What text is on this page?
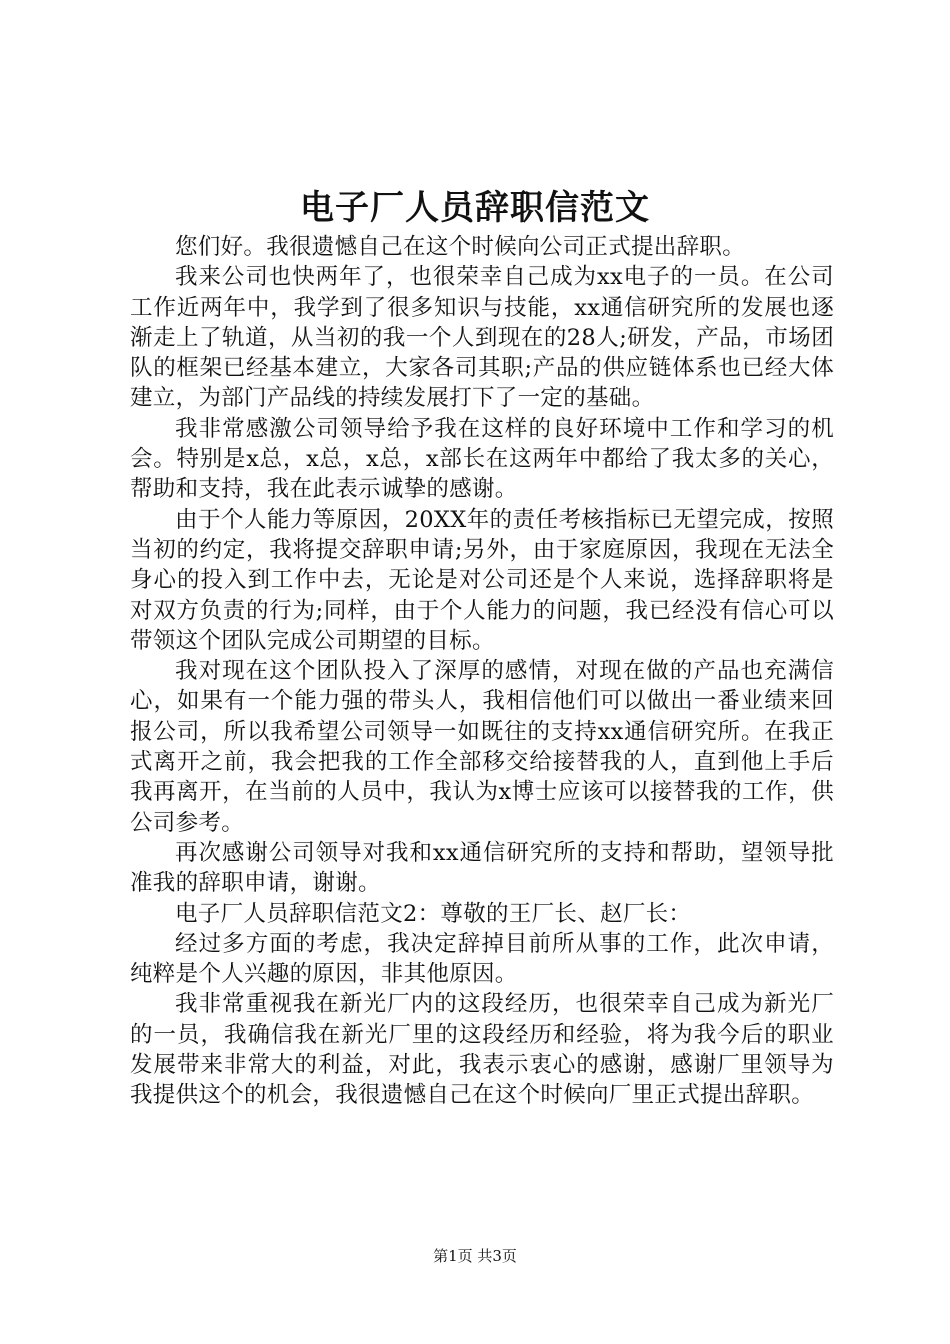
电子厂人员辞职信范文

您们好。我很遗憾自己在这个时候向公司正式提出辞职。

我来公司也快两年了，也很荣幸自己成为xx电子的一员。在公司工作近两年中，我学到了很多知识与技能，xx通信研究所的发展也逐渐走上了轨道，从当初的我一个人到现在的28人;研发，产品，市场团队的框架已经基本建立，大家各司其职;产品的供应链体系也已经大体建立，为部门产品线的持续发展打下了一定的基础。

我非常感激公司领导给予我在这样的良好环境中工作和学习的机会。特别是x总，x总，x总，x部长在这两年中都给了我太多的关心，帮助和支持，我在此表示诚挚的感谢。

由于个人能力等原因，20XX年的责任考核指标已无望完成，按照当初的约定，我将提交辞职申请;另外，由于家庭原因，我现在无法全身心的投入到工作中去，无论是对公司还是个人来说，选择辞职将是对双方负责的行为;同样，由于个人能力的问题，我已经没有信心可以带领这个团队完成公司期望的目标。

我对现在这个团队投入了深厚的感情，对现在做的产品也充满信心，如果有一个能力强的带头人，我相信他们可以做出一番业绩来回报公司，所以我希望公司领导一如既往的支持xx通信研究所。在我正式离开之前，我会把我的工作全部移交给接替我的人，直到他上手后我再离开，在当前的人员中，我认为x博士应该可以接替我的工作，供公司参考。

再次感谢公司领导对我和xx通信研究所的支持和帮助，望领导批准我的辞职申请，谢谢。

电子厂人员辞职信范文2：尊敬的王厂长、赵厂长：

经过多方面的考虑，我决定辞掉目前所从事的工作，此次申请，纯粹是个人兴趣的原因，非其他原因。

我非常重视我在新光厂内的这段经历，也很荣幸自己成为新光厂的一员，我确信我在新光厂里的这段经历和经验，将为我今后的职业发展带来非常大的利益，对此，我表示衷心的感谢，感谢厂里领导为我提供这个的机会，我很遗憾自己在这个时候向厂里正式提出辞职。

第1页 共3页
